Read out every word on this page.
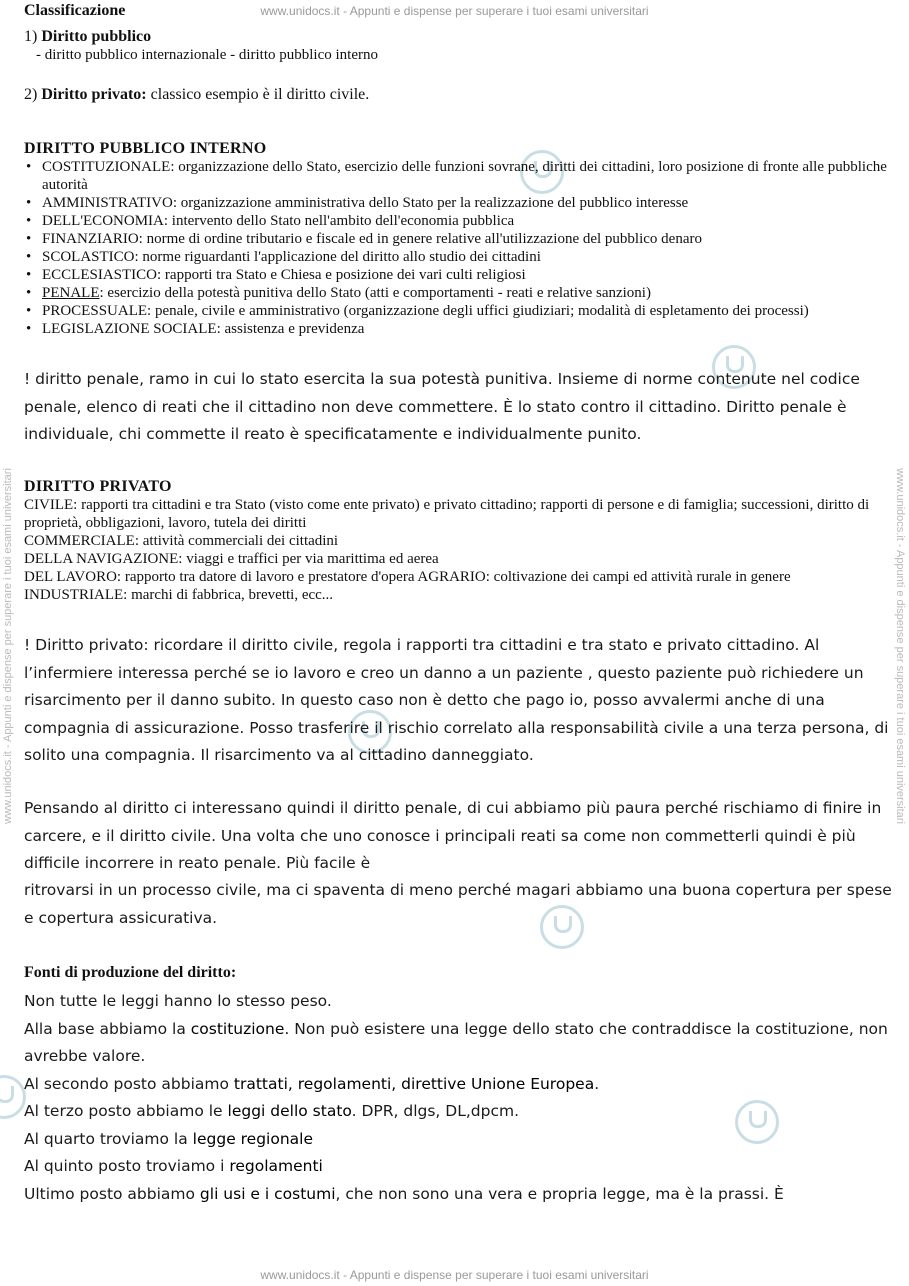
www.unidocs.it - Appunti e dispense per superare i tuoi esami universitari
www.unidocs.it - Appunti e dispense per superare i tuoi esami universitari
www.unidocs.it - Appunti e dispense per superare i tuoi esami universitari	www.unidocs.it - Appunti e dispense per superare i tuoi esami universitari
Classificazione
1) Diritto pubblico
- diritto pubblico internazionale - diritto pubblico interno
2) Diritto privato: classico esempio è il diritto civile.
DIRITTO PUBBLICO INTERNO
• COSTITUZIONALE: organizzazione dello Stato, esercizio delle funzioni sovrane, diritti dei cittadini, loro posizione di fronte alle pubbliche autorità
• AMMINISTRATIVO: organizzazione amministrativa dello Stato per la realizzazione del pubblico interesse
• DELL'ECONOMIA: intervento dello Stato nell'ambito dell'economia pubblica
• FINANZIARIO: norme di ordine tributario e fiscale ed in genere relative all'utilizzazione del pubblico denaro
• SCOLASTICO: norme riguardanti l'applicazione del diritto allo studio dei cittadini
• ECCLESIASTICO: rapporti tra Stato e Chiesa e posizione dei vari culti religiosi
• PENALE: esercizio della potestà punitiva dello Stato (atti e comportamenti - reati e relative sanzioni)
• PROCESSUALE: penale, civile e amministrativo (organizzazione degli uffici giudiziari; modalità di espletamento dei processi)
• LEGISLAZIONE SOCIALE: assistenza e previdenza
! diritto penale, ramo in cui lo stato esercita la sua potestà punitiva. Insieme di norme contenute nel codice penale, elenco di reati che il cittadino non deve commettere. È lo stato contro il cittadino. Diritto penale è individuale, chi commette il reato è specificatamente e individualmente punito.
DIRITTO PRIVATO
CIVILE: rapporti tra cittadini e tra Stato (visto come ente privato) e privato cittadino; rapporti di persone e di famiglia; successioni, diritto di proprietà, obbligazioni, lavoro, tutela dei diritti
COMMERCIALE: attività commerciali dei cittadini
DELLA NAVIGAZIONE: viaggi e traffici per via marittima ed aerea
DEL LAVORO: rapporto tra datore di lavoro e prestatore d'opera AGRARIO: coltivazione dei campi ed attività rurale in genere
INDUSTRIALE: marchi di fabbrica, brevetti, ecc...
! Diritto privato: ricordare il diritto civile, regola i rapporti tra cittadini e tra stato e privato cittadino. Al l’infermiere interessa perché se io lavoro e creo un danno a un paziente , questo paziente può richiedere un risarcimento per il danno subito. In questo caso non è detto che pago io, posso avvalermi anche di una compagnia di assicurazione. Posso trasferire il rischio correlato alla responsabilità civile a una terza persona, di solito una compagnia. Il risarcimento va al cittadino danneggiato.
Pensando al diritto ci interessano quindi il diritto penale, di cui abbiamo più paura perché rischiamo di finire in carcere, e il diritto civile. Una volta che uno conosce i principali reati sa come non commetterli quindi è più difficile incorrere in reato penale. Più facile è
ritrovarsi in un processo civile, ma ci spaventa di meno perché magari abbiamo una buona copertura per spese e copertura assicurativa.
Fonti di produzione del diritto:
Non tutte le leggi hanno lo stesso peso.
Alla base abbiamo la costituzione. Non può esistere una legge dello stato che contraddisce la costituzione, non avrebbe valore.
Al secondo posto abbiamo trattati, regolamenti, direttive Unione Europea.
Al terzo posto abbiamo le leggi dello stato. DPR, dlgs, DL,dpcm.
Al quarto troviamo la legge regionale
Al quinto posto troviamo i regolamenti
Ultimo posto abbiamo gli usi e i costumi, che non sono una vera e propria legge, ma è la prassi. È
